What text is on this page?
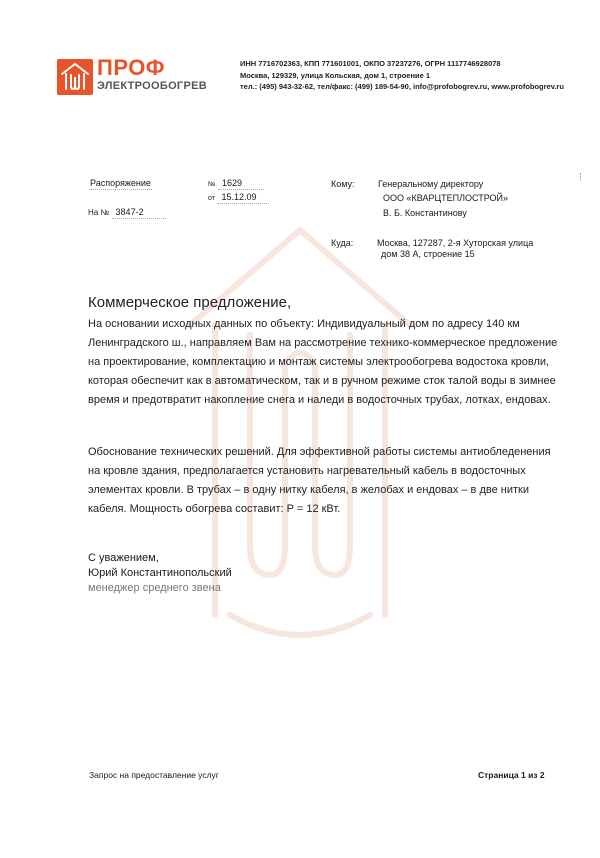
ПРОФ
ЭЛЕКТРООБОГРЕВ
ИНН 7716702363, КПП 771601001, ОКПО 37237276, ОГРН 1117746928078
Москва, 129329, улица Кольская, дом 1, строение 1
тел.: (495) 943-32-62, тел/факс: (499) 189-54-90, info@profobogrev.ru, www.profobogrev.ru
Распоряжение	№ 1629
от 15.12.09
На № 3847-2
Кому:	Генеральному директору
ООО «КВАРЦТЕПЛОСТРОЙ»
В. Б. Константинову
Куда:	Москва, 127287, 2-я Хуторская улица
дом 38 А, строение 15
Коммерческое предложение,
На основании исходных данных по объекту: Индивидуальный дом по адресу 140 км Ленинградского ш., направляем Вам на рассмотрение технико-коммерческое предложение на проектирование, комплектацию и монтаж системы электрообогрева водостока кровли, которая обеспечит как в автоматическом, так и в ручном режиме сток талой воды в зимнее время и предотвратит накопление снега и наледи в водосточных трубах, лотках, ендовах.
Обоснование технических решений. Для эффективной работы системы антиобледенения на кровле здания, предполагается установить нагревательный кабель в водосточных элементах кровли. В трубах – в одну нитку кабеля, в желобах и ендовах – в две нитки кабеля. Мощность обогрева составит: P = 12 кВт.
С уважением,
Юрий Константинопольский
менеджер среднего звена
Запрос на предоставление услуг	Страница 1 из 2
